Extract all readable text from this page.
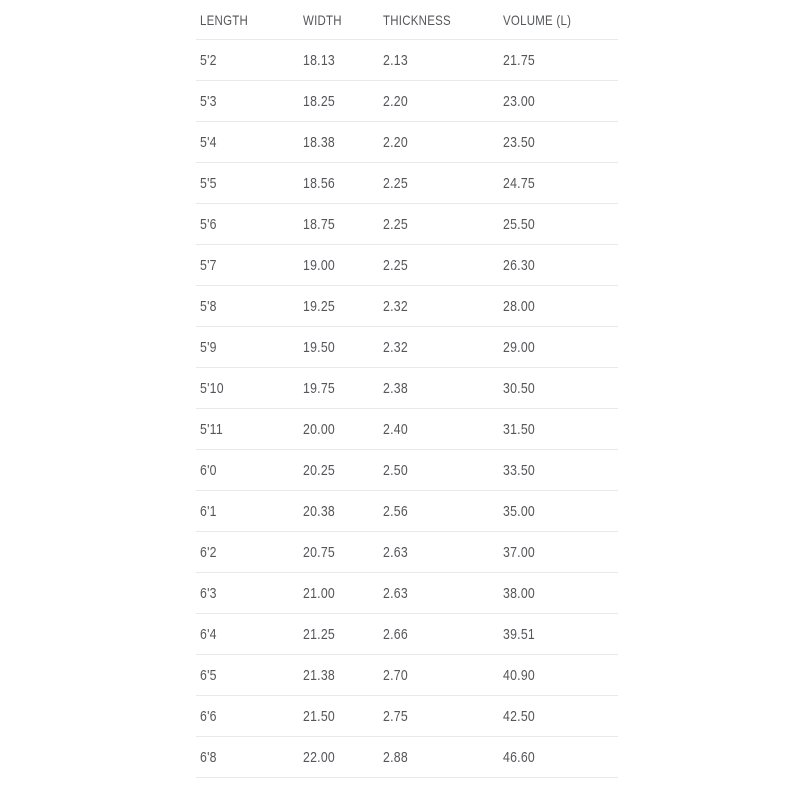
LENGTH	WIDTH	THICKNESS	VOLUME (L)
5'2	18.13	2.13	21.75
5'3	18.25	2.20	23.00
5'4	18.38	2.20	23.50
5'5	18.56	2.25	24.75
5'6	18.75	2.25	25.50
5'7	19.00	2.25	26.30
5'8	19.25	2.32	28.00
5'9	19.50	2.32	29.00
5'10	19.75	2.38	30.50
5'11	20.00	2.40	31.50
6'0	20.25	2.50	33.50
6'1	20.38	2.56	35.00
6'2	20.75	2.63	37.00
6'3	21.00	2.63	38.00
6'4	21.25	2.66	39.51
6'5	21.38	2.70	40.90
6'6	21.50	2.75	42.50
6'8	22.00	2.88	46.60
